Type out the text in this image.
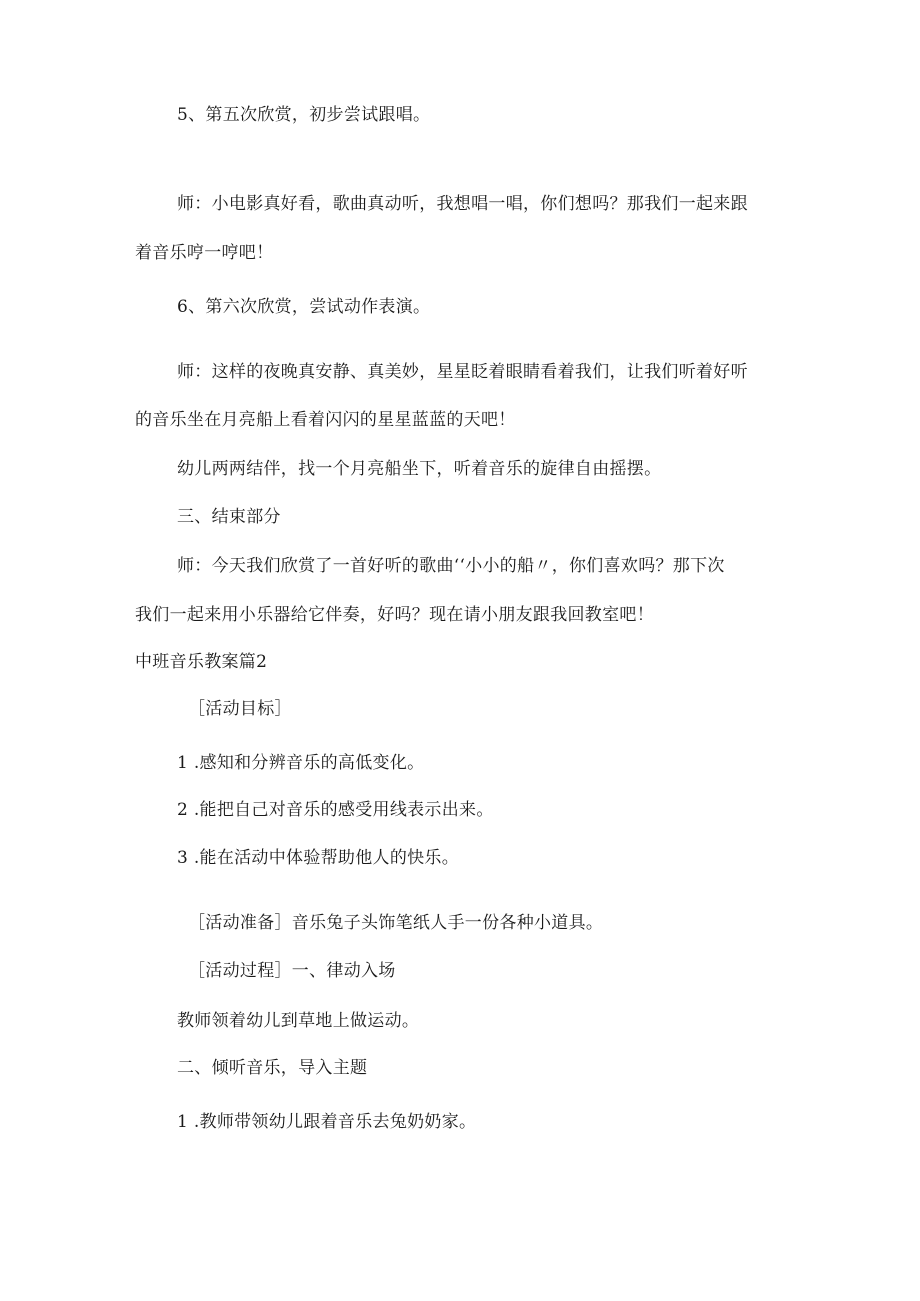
5、第五次欣赏，初步尝试跟唱。
师：小电影真好看，歌曲真动听，我想唱一唱，你们想吗？那我们一起来跟
着音乐哼一哼吧！
6、第六次欣赏，尝试动作表演。
师：这样的夜晚真安静、真美妙，星星眨着眼睛看着我们，让我们听着好听
的音乐坐在月亮船上看着闪闪的星星蓝蓝的天吧！
幼儿两两结伴，找一个月亮船坐下，听着音乐的旋律自由摇摆。
三、结束部分
师：今天我们欣赏了一首好听的歌曲‘‘小小的船〃，你们喜欢吗？那下次
我们一起来用小乐器给它伴奏，好吗？现在请小朋友跟我回教室吧！
中班音乐教案篇2
［活动目标］
1 .感知和分辨音乐的高低变化。
2 .能把自己对音乐的感受用线表示出来。
3 .能在活动中体验帮助他人的快乐。
［活动准备］音乐兔子头饰笔纸人手一份各种小道具。
［活动过程］一、律动入场
教师领着幼儿到草地上做运动。
二、倾听音乐，导入主题
1 .教师带领幼儿跟着音乐去兔奶奶家。
